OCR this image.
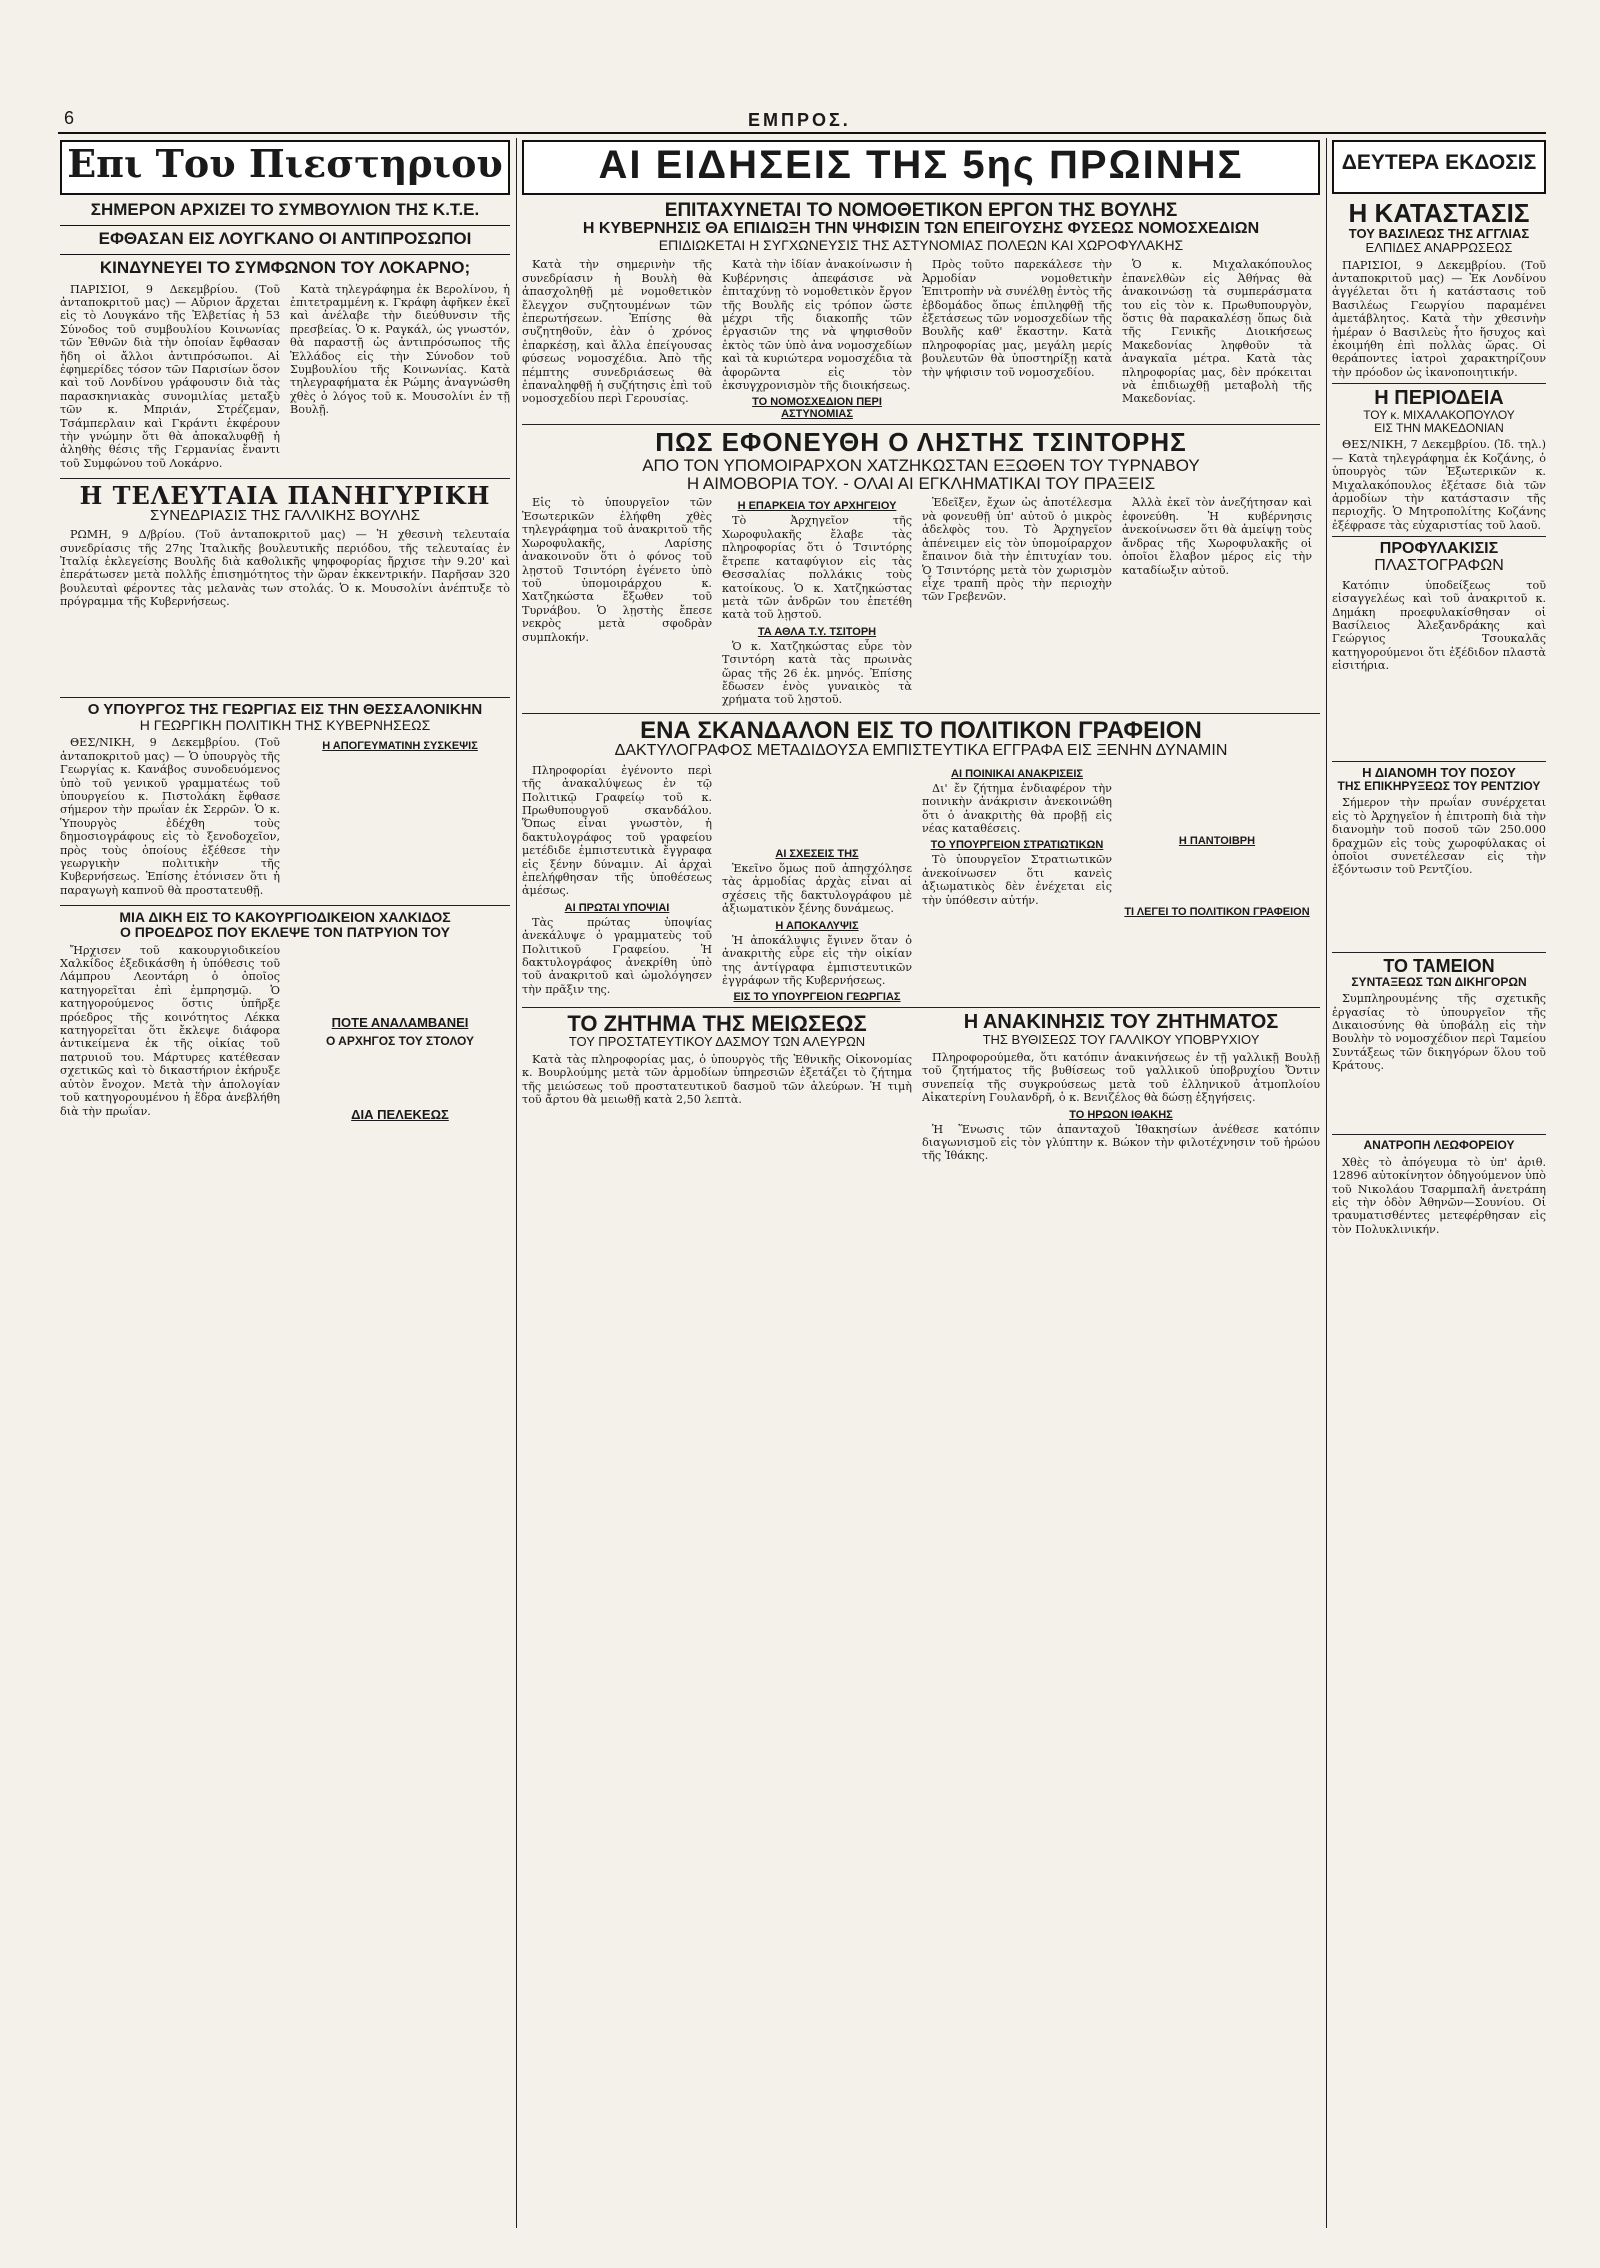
6	ΕΜΠΡΟΣ.
Επι Του Πιεστηριου

ΣΗΜΕΡΟΝ ΑΡΧΙΖΕΙ ΤΟ ΣΥΜΒΟΥΛΙΟΝ ΤΗΣ Κ.Τ.Ε.

ΕΦΘΑΣΑΝ ΕΙΣ ΛΟΥΓΚΑΝΟ ΟΙ ΑΝΤΙΠΡΟΣΩΠΟΙ

ΚΙΝΔΥΝΕΥΕΙ ΤΟ ΣΥΜΦΩΝΟΝ ΤΟΥ ΛΟΚΑΡΝΟ;

ΠΑΡΙΣΙΟΙ, 9 Δεκεμβρίου. (Τοῦ ἀνταποκριτοῦ μας) — Αὔριον ἄρχεται εἰς τὸ Λουγκάνο τῆς Ἑλβετίας ἡ 53 Σύνοδος τοῦ συμβουλίου Κοινωνίας τῶν Ἐθνῶν διὰ τὴν ὁποίαν ἔφθασαν ἤδη οἱ ἄλλοι ἀντιπρόσωποι. Αἱ ἐφημερίδες τόσον τῶν Παρισίων ὅσον καὶ τοῦ Λονδίνου γράφουσιν διὰ τὰς παρασκηνιακὰς συνομιλίας μεταξὺ τῶν κ. Μπριάν, Στρέζεμαν, Τσάμπερλαιν καὶ Γκράντι ἐκφέρουν τὴν γνώμην ὅτι θὰ ἀποκαλυφθῇ ἡ ἀληθὴς θέσις τῆς Γερμανίας ἔναντι τοῦ Συμφώνου τοῦ Λοκάρνο.

Κατὰ τηλεγράφημα ἐκ Βερολίνου, ἡ ἐπιτετραμμένη κ. Γκράφη ἀφῆκεν ἐκεῖ καὶ ἀνέλαβε τὴν διεύθυνσιν τῆς πρεσβείας. Ὁ κ. Ραγκάλ, ὡς γνωστόν, θὰ παραστῇ ὡς ἀντιπρόσωπος τῆς Ἑλλάδος εἰς τὴν Σύνοδον τοῦ Συμβουλίου τῆς Κοινωνίας. Κατὰ τηλεγραφήματα ἐκ Ρώμης ἀναγνώσθη χθὲς ὁ λόγος τοῦ κ. Μουσολίνι ἐν τῇ Βουλῇ.

Η ΤΕΛΕΥΤΑΙΑ ΠΑΝΗΓΥΡΙΚΗ

ΣΥΝΕΔΡΙΑΣΙΣ ΤΗΣ ΓΑΛΛΙΚΗΣ ΒΟΥΛΗΣ

ΡΩΜΗ, 9 Δ/βρίου. (Τοῦ ἀνταποκριτοῦ μας) — Ἡ χθεσινὴ τελευταία συνεδρίασις τῆς 27ης Ἰταλικῆς βουλευτικῆς περιόδου, τῆς τελευταίας ἐν Ἰταλίᾳ ἐκλεγείσης Βουλῆς διὰ καθολικῆς ψηφοφορίας ἤρχισε τὴν 9.20' καὶ ἐπεράτωσεν μετὰ πολλῆς ἐπισημότητος τὴν ὥραν ἐκκεντρικήν. Παρῆσαν 320 βουλευταὶ φέροντες τὰς μελανὰς των στολάς. Ὁ κ. Μουσολίνι ἀνέπτυξε τὸ πρόγραμμα τῆς Κυβερνήσεως.

Ο ΥΠΟΥΡΓΟΣ ΤΗΣ ΓΕΩΡΓΙΑΣ ΕΙΣ ΤΗΝ ΘΕΣΣΑΛΟΝΙΚΗΝ

Η ΓΕΩΡΓΙΚΗ ΠΟΛΙΤΙΚΗ ΤΗΣ ΚΥΒΕΡΝΗΣΕΩΣ

ΘΕΣ/ΝΙΚΗ, 9 Δεκεμβρίου. (Τοῦ ἀνταποκριτοῦ μας) — Ὁ ὑπουργὸς τῆς Γεωργίας κ. Κανάβος συνοδευόμενος ὑπὸ τοῦ γενικοῦ γραμματέως τοῦ ὑπουργείου κ. Πιστολάκη ἔφθασε σήμερον τὴν πρωΐαν ἐκ Σερρῶν. Ὁ κ. Ὑπουργὸς ἐδέχθη τοὺς δημοσιογράφους εἰς τὸ ξενοδοχεῖον, πρὸς τοὺς ὁποίους ἐξέθεσε τὴν γεωργικὴν πολιτικὴν τῆς Κυβερνήσεως. Ἐπίσης ἐτόνισεν ὅτι ἡ παραγωγὴ καπνοῦ θὰ προστατευθῇ.

Η ΑΠΟΓΕΥΜΑΤΙΝΗ ΣΥΣΚΕΨΙΣ

ΜΙΑ ΔΙΚΗ ΕΙΣ ΤΟ ΚΑΚΟΥΡΓΙΟΔΙΚΕΙΟΝ ΧΑΛΚΙΔΟΣ

Ο ΠΡΟΕΔΡΟΣ ΠΟΥ ΕΚΛΕΨΕ ΤΟΝ ΠΑΤΡΥΙΟΝ ΤΟΥ

Ἤρχισεν τοῦ κακουργιοδικείου Χαλκίδος ἐξεδικάσθη ἡ ὑπόθεσις τοῦ Λάμπρου Λεοντάρη ὁ ὁποῖος κατηγορεῖται ἐπὶ ἐμπρησμῷ. Ὁ κατηγορούμενος ὅστις ὑπῆρξε πρόεδρος τῆς κοινότητος Λέκκα κατηγορεῖται ὅτι ἔκλεψε διάφορα ἀντικείμενα ἐκ τῆς οἰκίας τοῦ πατρυιοῦ του. Μάρτυρες κατέθεσαν σχετικῶς καὶ τὸ δικαστήριον ἐκήρυξε αὐτὸν ἔνοχον. Μετὰ τὴν ἀπολογίαν τοῦ κατηγορουμένου ἡ ἕδρα ἀνεβλήθη διὰ τὴν πρωΐαν.

ΠΟΤΕ ΑΝΑΛΑΜΒΑΝΕΙ

Ο ΑΡΧΗΓΟΣ ΤΟΥ ΣΤΟΛΟΥ

ΔΙΑ ΠΕΛΕΚΕΩΣ

ΑΙ ΕΙΔΗΣΕΙΣ ΤΗΣ 5ης ΠΡΩΙΝΗΣ

ΕΠΙΤΑΧΥΝΕΤΑΙ ΤΟ ΝΟΜΟΘΕΤΙΚΟΝ ΕΡΓΟΝ ΤΗΣ ΒΟΥΛΗΣ

Η ΚΥΒΕΡΝΗΣΙΣ ΘΑ ΕΠΙΔΙΩΞΗ ΤΗΝ ΨΗΦΙΣΙΝ ΤΩΝ ΕΠΕΙΓΟΥΣΗΣ ΦΥΣΕΩΣ ΝΟΜΟΣΧΕΔΙΩΝ

ΕΠΙΔΙΩΚΕΤΑΙ Η ΣΥΓΧΩΝΕΥΣΙΣ ΤΗΣ ΑΣΤΥΝΟΜΙΑΣ ΠΟΛΕΩΝ ΚΑΙ ΧΩΡΟΦΥΛΑΚΗΣ

Κατὰ τὴν σημερινὴν τῆς συνεδρίασιν ἡ Βουλὴ θὰ ἀπασχοληθῇ μὲ νομοθετικὸν ἔλεγχον συζητουμένων τῶν ἐπερωτήσεων. Ἐπίσης θὰ συζητηθοῦν, ἐὰν ὁ χρόνος ἐπαρκέσῃ, καὶ ἄλλα ἐπείγουσας φύσεως νομοσχέδια. Ἀπὸ τῆς πέμπτης συνεδριάσεως θὰ ἐπαναληφθῇ ἡ συζήτησις ἐπὶ τοῦ νομοσχεδίου περὶ Γερουσίας.

Κατὰ τὴν ἰδίαν ἀνακοίνωσιν ἡ Κυβέρνησις ἀπεφάσισε νὰ ἐπιταχύνῃ τὸ νομοθετικὸν ἔργον τῆς Βουλῆς εἰς τρόπον ὥστε μέχρι τῆς διακοπῆς τῶν ἐργασιῶν της νὰ ψηφισθοῦν ἐκτὸς τῶν ὑπὸ ἀνα νομοσχεδίων καὶ τὰ κυριώτερα νομοσχέδια τὰ ἀφορῶντα εἰς τὸν ἐκσυγχρονισμὸν τῆς διοικήσεως.

ΤΟ ΝΟΜΟΣΧΕΔΙΟΝ ΠΕΡΙ ΑΣΤΥΝΟΜΙΑΣ

Πρὸς τοῦτο παρεκάλεσε τὴν Ἀρμοδίαν νομοθετικὴν Ἐπιτροπὴν νὰ συνέλθῃ ἐντὸς τῆς ἑβδομάδος ὅπως ἐπιληφθῇ τῆς ἐξετάσεως τῶν νομοσχεδίων τῆς Βουλῆς καθ' ἕκαστην. Κατὰ πληροφορίας μας, μεγάλη μερίς βουλευτῶν θὰ ὑποστηρίξῃ κατὰ τὴν ψήφισιν τοῦ νομοσχεδίου.

Ὁ κ. Μιχαλακόπουλος ἐπανελθὼν εἰς Ἀθήνας θὰ ἀνακοινώσῃ τὰ συμπεράσματα του εἰς τὸν κ. Πρωθυπουργὸν, ὅστις θὰ παρακαλέσῃ ὅπως διὰ τῆς Γενικῆς Διοικήσεως Μακεδονίας ληφθοῦν τὰ ἀναγκαῖα μέτρα. Κατὰ τὰς πληροφορίας μας, δὲν πρόκειται νὰ ἐπιδιωχθῇ μεταβολὴ τῆς Μακεδονίας.

ΠΩΣ ΕΦΟΝΕΥΘΗ Ο ΛΗΣΤΗΣ ΤΣΙΝΤΟΡΗΣ

ΑΠΟ ΤΟΝ ΥΠΟΜΟΙΡΑΡΧΟΝ ΧΑΤΖΗΚΩΣΤΑΝ ΕΞΩΘΕΝ ΤΟΥ ΤΥΡΝΑΒΟΥ

Η ΑΙΜΟΒΟΡΙΑ ΤΟΥ. - ΟΛΑΙ ΑΙ ΕΓΚΛΗΜΑΤΙΚΑΙ ΤΟΥ ΠΡΑΞΕΙΣ

Εἰς τὸ ὑπουργεῖον τῶν Ἐσωτερικῶν ἐλήφθη χθὲς τηλεγράφημα τοῦ ἀνακριτοῦ τῆς Χωροφυλακῆς, Λαρίσης ἀνακοινοῦν ὅτι ὁ φόνος τοῦ λῃστοῦ Τσιντόρη ἐγένετο ὑπὸ τοῦ ὑπομοιράρχου κ. Χατζηκώστα ἔξωθεν τοῦ Τυρνάβου. Ὁ λῃστὴς ἔπεσε νεκρὸς μετὰ σφοδρὰν συμπλοκήν.

Η ΕΠΑΡΚΕΙΑ ΤΟΥ ΑΡΧΗΓΕΙΟΥ

Τὸ Ἀρχηγεῖον τῆς Χωροφυλακῆς ἔλαβε τὰς πληροφορίας ὅτι ὁ Τσιντόρης ἔτρεπε καταφύγιον εἰς τὰς Θεσσαλίας πολλάκις τοὺς κατοίκους. Ὁ κ. Χατζηκώστας μετὰ τῶν ἀνδρῶν του ἐπετέθη κατὰ τοῦ λῃστοῦ.

ΤΑ ΑΘΛΑ Τ.Υ. ΤΣΙΤΟΡΗ

Ὁ κ. Χατζηκώστας εὗρε τὸν Τσιντόρη κατὰ τὰς πρωινὰς ὥρας τῆς 26 ἐκ. μηνός. Ἐπίσης ἔδωσεν ἑνὸς γυναικὸς τὰ χρήματα τοῦ λῃστοῦ.

Ἐδεῖξεν, ἔχων ὡς ἀποτέλεσμα νὰ φονευθῇ ὑπ' αὐτοῦ ὁ μικρὸς ἀδελφὸς του. Τὸ Ἀρχηγεῖον ἀπένειμεν εἰς τὸν ὑπομοίραρχον ἔπαινον διὰ τὴν ἐπιτυχίαν του. Ὁ Τσιντόρης μετὰ τὸν χωρισμὸν εἶχε τραπῆ πρὸς τὴν περιοχὴν τῶν Γρεβενῶν.

Ἀλλὰ ἐκεῖ τὸν ἀνεζήτησαν καὶ ἐφονεύθη. Ἡ κυβέρνησις ἀνεκοίνωσεν ὅτι θὰ ἀμείψῃ τοὺς ἄνδρας τῆς Χωροφυλακῆς οἱ ὁποῖοι ἔλαβον μέρος εἰς τὴν καταδίωξιν αὐτοῦ.

ΕΝΑ ΣΚΑΝΔΑΛΟΝ ΕΙΣ ΤΟ ΠΟΛΙΤΙΚΟΝ ΓΡΑΦΕΙΟΝ

ΔΑΚΤΥΛΟΓΡΑΦΟΣ ΜΕΤΑΔΙΔΟΥΣΑ ΕΜΠΙΣΤΕΥΤΙΚΑ ΕΓΓΡΑΦΑ ΕΙΣ ΞΕΝΗΝ ΔΥΝΑΜΙΝ

Πληροφορίαι ἐγένοντο περὶ τῆς ἀνακαλύψεως ἐν τῷ Πολιτικῷ Γραφείῳ τοῦ κ. Πρωθυπουργοῦ σκανδάλου. Ὅπως εἶναι γνωστὸν, ἡ δακτυλογράφος τοῦ γραφείου μετέδιδε ἐμπιστευτικὰ ἔγγραφα εἰς ξένην δύναμιν. Αἱ ἀρχαὶ ἐπελήφθησαν τῆς ὑποθέσεως ἀμέσως.

ΑΙ ΠΡΩΤΑΙ ΥΠΟΨΙΑΙ

Τὰς πρώτας ὑποψίας ἀνεκάλυψε ὁ γραμματεὺς τοῦ Πολιτικοῦ Γραφείου. Ἡ δακτυλογράφος ἀνεκρίθη ὑπὸ τοῦ ἀνακριτοῦ καὶ ὡμολόγησεν τὴν πρᾶξιν της.

ΑΙ ΣΧΕΣΕΙΣ ΤΗΣ

Ἐκεῖνο ὅμως ποῦ ἀπησχόλησε τὰς ἀρμοδίας ἀρχὰς εἶναι αἱ σχέσεις τῆς δακτυλογράφου μὲ ἀξιωματικὸν ξένης δυνάμεως.

Η ΑΠΟΚΑΛΥΨΙΣ

Ἡ ἀποκάλυψις ἔγινεν ὅταν ὁ ἀνακριτὴς εὗρε εἰς τὴν οἰκίαν της ἀντίγραφα ἐμπιστευτικῶν ἐγγράφων τῆς Κυβερνήσεως.

ΕΙΣ ΤΟ ΥΠΟΥΡΓΕΙΟΝ ΓΕΩΡΓΙΑΣ

ΑΙ ΠΟΙΝΙΚΑΙ ΑΝΑΚΡΙΣΕΙΣ

Δι' ἔν ζήτημα ἐνδιαφέρον τὴν ποινικὴν ἀνάκρισιν ἀνεκοινώθη ὅτι ὁ ἀνακριτὴς θὰ προβῇ εἰς νέας καταθέσεις.

ΤΟ ΥΠΟΥΡΓΕΙΟΝ ΣΤΡΑΤΙΩΤΙΚΩΝ

Τὸ ὑπουργεῖον Στρατιωτικῶν ἀνεκοίνωσεν ὅτι κανεὶς ἀξιωματικὸς δὲν ἐνέχεται εἰς τὴν ὑπόθεσιν αὐτήν.

Η ΠΑΝΤΟΙΒΡΗ

ΤΙ ΛΕΓΕΙ ΤΟ ΠΟΛΙΤΙΚΟΝ ΓΡΑΦΕΙΟΝ

ΤΟ ΖΗΤΗΜΑ ΤΗΣ ΜΕΙΩΣΕΩΣ

ΤΟΥ ΠΡΟΣΤΑΤΕΥΤΙΚΟΥ ΔΑΣΜΟΥ ΤΩΝ ΑΛΕΥΡΩΝ

Κατὰ τὰς πληροφορίας μας, ὁ ὑπουργὸς τῆς Ἐθνικῆς Οἰκονομίας κ. Βουρλούμης μετὰ τῶν ἀρμοδίων ὑπηρεσιῶν ἐξετάζει τὸ ζήτημα τῆς μειώσεως τοῦ προστατευτικοῦ δασμοῦ τῶν ἀλεύρων. Ἡ τιμὴ τοῦ ἄρτου θὰ μειωθῇ κατὰ 2,50 λεπτὰ.

Η ΑΝΑΚΙΝΗΣΙΣ ΤΟΥ ΖΗΤΗΜΑΤΟΣ

ΤΗΣ ΒΥΘΙΣΕΩΣ ΤΟΥ ΓΑΛΛΙΚΟΥ ΥΠΟΒΡΥΧΙΟΥ

Πληροφορούμεθα, ὅτι κατόπιν ἀνακινήσεως ἐν τῇ γαλλικῇ Βουλῇ τοῦ ζητήματος τῆς βυθίσεως τοῦ γαλλικοῦ ὑποβρυχίου Ὄντιν συνεπείᾳ τῆς συγκρούσεως μετὰ τοῦ ἑλληνικοῦ ἀτμοπλοίου Αἰκατερίνη Γουλανδρῆ, ὁ κ. Βενιζέλος θὰ δώσῃ ἐξηγήσεις.

ΤΟ ΗΡΩΟΝ ΙΘΑΚΗΣ

Ἡ Ἕνωσις τῶν ἀπανταχοῦ Ἰθακησίων ἀνέθεσε κατόπιν διαγωνισμοῦ εἰς τὸν γλύπτην κ. Βώκον τὴν φιλοτέχνησιν τοῦ ἡρώου τῆς Ἰθάκης.

ΔΕΥΤΕΡΑ ΕΚΔΟΣΙΣ

Η ΚΑΤΑΣΤΑΣΙΣ

ΤΟΥ ΒΑΣΙΛΕΩΣ ΤΗΣ ΑΓΓΛΙΑΣ

ΕΛΠΙΔΕΣ ΑΝΑΡΡΩΣΕΩΣ

ΠΑΡΙΣΙΟΙ, 9 Δεκεμβρίου. (Τοῦ ἀνταποκριτοῦ μας) — Ἐκ Λονδίνου ἀγγέλεται ὅτι ἡ κατάστασις τοῦ Βασιλέως Γεωργίου παραμένει ἀμετάβλητος. Κατὰ τὴν χθεσινὴν ἡμέραν ὁ Βασιλεὺς ἦτο ἥσυχος καὶ ἐκοιμήθη ἐπὶ πολλὰς ὥρας. Οἱ θεράποντες ἰατροὶ χαρακτηρίζουν τὴν πρόοδον ὡς ἱκανοποιητικήν.

Η ΠΕΡΙΟΔΕΙΑ

ΤΟΥ κ. ΜΙΧΑΛΑΚΟΠΟΥΛΟΥ

ΕΙΣ ΤΗΝ ΜΑΚΕΔΟΝΙΑΝ

ΘΕΣ/ΝΙΚΗ, 7 Δεκεμβρίου. (Ἰδ. τηλ.) — Κατὰ τηλεγράφημα ἐκ Κοζάνης, ὁ ὑπουργὸς τῶν Ἐξωτερικῶν κ. Μιχαλακόπουλος ἐξέτασε διὰ τῶν ἀρμοδίων τὴν κατάστασιν τῆς περιοχῆς. Ὁ Μητροπολίτης Κοζάνης ἐξέφρασε τὰς εὐχαριστίας τοῦ λαοῦ.

ΠΡΟΦΥΛΑΚΙΣΙΣ

ΠΛΑΣΤΟΓΡΑΦΩΝ

Κατόπιν ὑποδείξεως τοῦ εἰσαγγελέως καὶ τοῦ ἀνακριτοῦ κ. Δημάκη προεφυλακίσθησαν οἱ Βασίλειος Ἀλεξανδράκης καὶ Γεώργιος Τσουκαλᾶς κατηγορούμενοι ὅτι ἐξέδιδον πλαστὰ εἰσιτήρια.

Η ΔΙΑΝΟΜΗ ΤΟΥ ΠΟΣΟΥ

ΤΗΣ ΕΠΙΚΗΡΥΞΕΩΣ ΤΟΥ ΡΕΝΤΖΙΟΥ

Σήμερον τὴν πρωΐαν συνέρχεται εἰς τὸ Ἀρχηγεῖον ἡ ἐπιτροπὴ διὰ τὴν διανομὴν τοῦ ποσοῦ τῶν 250.000 δραχμῶν εἰς τοὺς χωροφύλακας οἱ ὁποῖοι συνετέλεσαν εἰς τὴν ἐξόντωσιν τοῦ Ρεντζίου.

ΤΟ ΤΑΜΕΙΟΝ

ΣΥΝΤΑΞΕΩΣ ΤΩΝ ΔΙΚΗΓΟΡΩΝ

Συμπληρουμένης τῆς σχετικῆς ἐργασίας τὸ ὑπουργεῖον τῆς Δικαιοσύνης θὰ ὑποβάλῃ εἰς τὴν Βουλὴν τὸ νομοσχέδιον περὶ Ταμείου Συντάξεως τῶν δικηγόρων ὅλου τοῦ Κράτους.

ΑΝΑΤΡΟΠΗ ΛΕΩΦΟΡΕΙΟΥ

Χθὲς τὸ ἀπόγευμα τὸ ὑπ' ἀριθ. 12896 αὐτοκίνητον ὁδηγούμενον ὑπὸ τοῦ Νικολάου Τσαρμπαλῆ ἀνετράπη εἰς τὴν ὁδὸν Ἀθηνῶν—Σουνίου. Οἱ τραυματισθέντες μετεφέρθησαν εἰς τὸν Πολυκλινικήν.
